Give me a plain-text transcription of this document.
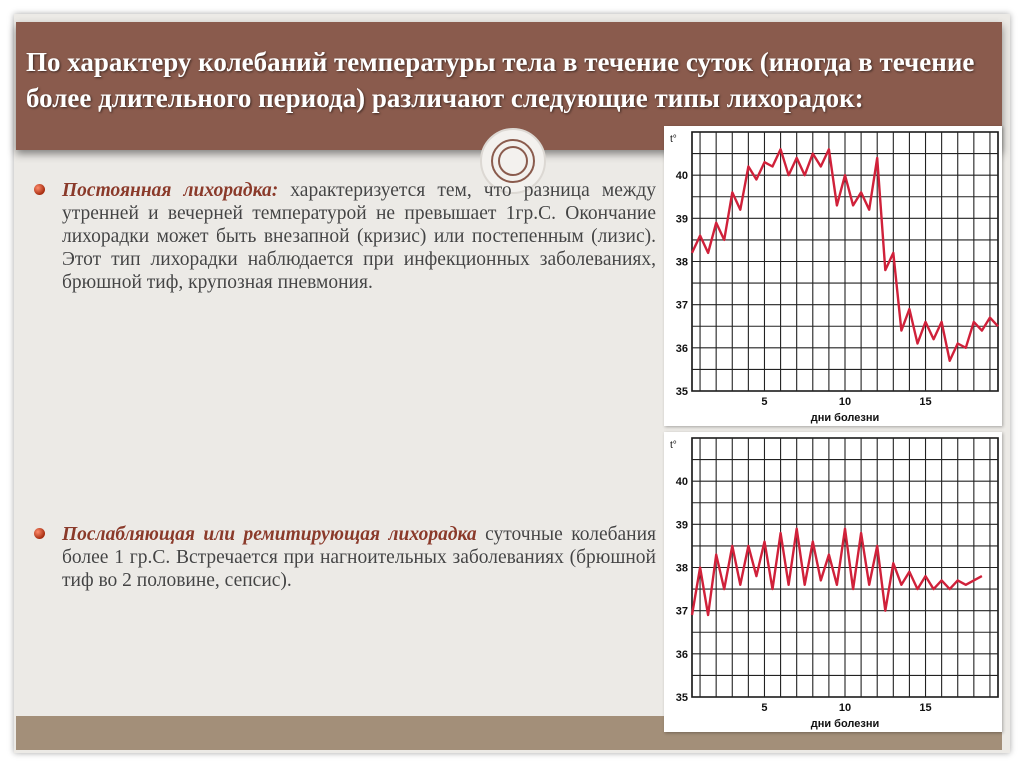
По характеру колебаний температуры тела в течение суток (иногда в течение более длительного периода) различают следующие типы лихорадок:

Постоянная лихорадка: характеризуется тем, что разница между утренней и вечерней температурой не превышает 1гр.С. Окончание лихорадки может быть внезапной (кризис) или постепенным (лизис). Этот тип лихорадки наблюдается при инфекционных заболеваниях, брюшной тиф, крупозная пневмония.

Послабляющая или ремитирующая лихорадка суточные колебания более 1 гр.С. Встречается при нагноительных заболеваниях (брюшной тиф во 2 половине, сепсис).

35
36
37
38
39
40
5	10	15
t°
дни болезни
35
36
37
38
39
40
5	10	15
t°
дни болезни
